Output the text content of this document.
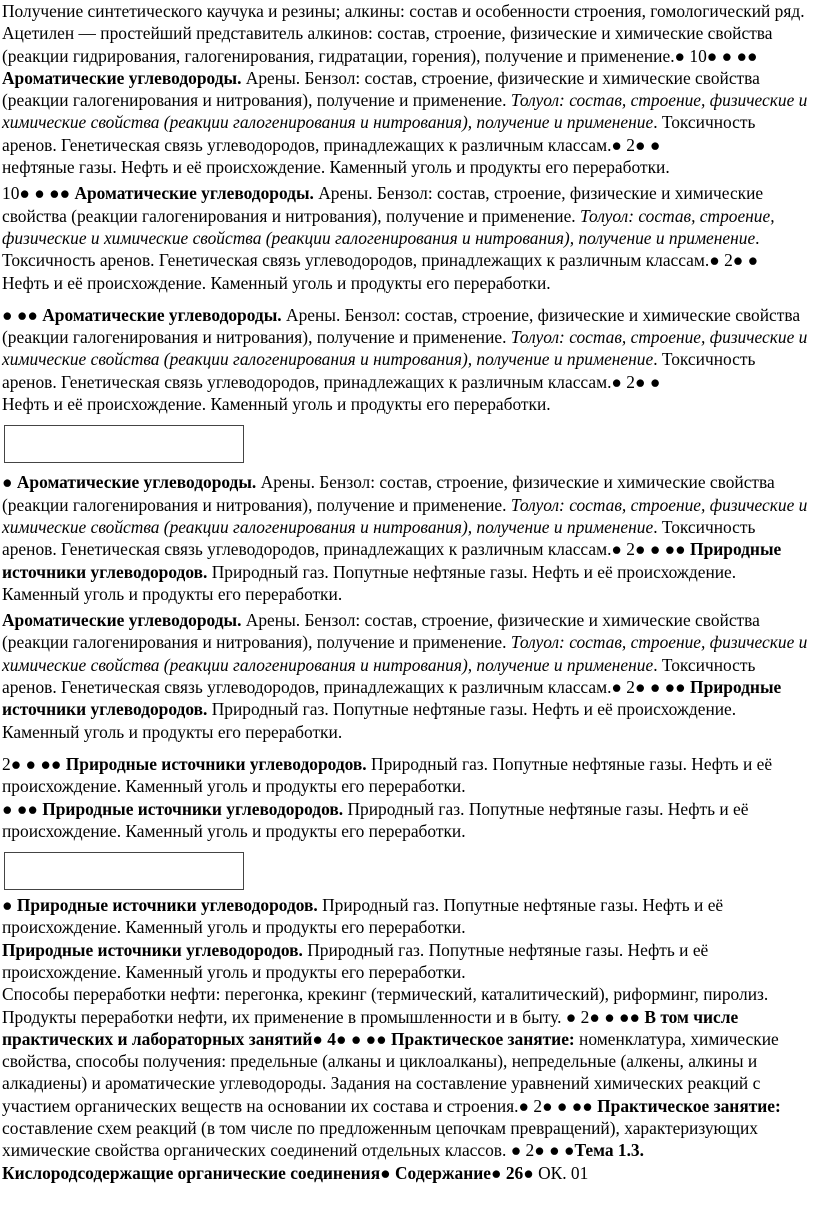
Получение синтетического каучука и резины; алкины: состав и особенности строения, гомологический ряд. Ацетилен — простейший представитель алкинов: состав, строение, физические и химические свойства (реакции гидрирования, галогенирования, гидратации, горения), получение и применение.● 10● ● ●● Ароматические углеводороды. Арены. Бензол: состав, строение, физические и химические свойства (реакции галогенирования и нитрования), получение и применение. Толуол: состав, строение, физические и химические свойства (реакции галогенирования и нитрования), получение и применение. Токсичность аренов. Генетическая связь углеводородов, принадлежащих к различным классам.● 2● ●

нефтяные газы. Нефть и её происхождение. Каменный уголь и продукты его переработки.

10● ● ●● Ароматические углеводороды. Арены. Бензол: состав, строение, физические и химические свойства (реакции галогенирования и нитрования), получение и применение. Толуол: состав, строение, физические и химические свойства (реакции галогенирования и нитрования), получение и применение. Токсичность аренов. Генетическая связь углеводородов, принадлежащих к различным классам.● 2● ●

Нефть и её происхождение. Каменный уголь и продукты его переработки.

● ●● Ароматические углеводороды. Арены. Бензол: состав, строение, физические и химические свойства (реакции галогенирования и нитрования), получение и применение. Толуол: состав, строение, физические и химические свойства (реакции галогенирования и нитрования), получение и применение. Токсичность аренов. Генетическая связь углеводородов, принадлежащих к различным классам.● 2● ●

Нефть и её происхождение. Каменный уголь и продукты его переработки.

● Ароматические углеводороды. Арены. Бензол: состав, строение, физические и химические свойства (реакции галогенирования и нитрования), получение и применение. Толуол: состав, строение, физические и химические свойства (реакции галогенирования и нитрования), получение и применение. Токсичность аренов. Генетическая связь углеводородов, принадлежащих к различным классам.● 2● ● ●● Природные источники углеводородов. Природный газ. Попутные нефтяные газы. Нефть и её происхождение. Каменный уголь и продукты его переработки.

Ароматические углеводороды. Арены. Бензол: состав, строение, физические и химические свойства (реакции галогенирования и нитрования), получение и применение. Толуол: состав, строение, физические и химические свойства (реакции галогенирования и нитрования), получение и применение. Токсичность аренов. Генетическая связь углеводородов, принадлежащих к различным классам.● 2● ● ●● Природные источники углеводородов. Природный газ. Попутные нефтяные газы. Нефть и её происхождение. Каменный уголь и продукты его переработки.

2● ● ●● Природные источники углеводородов. Природный газ. Попутные нефтяные газы. Нефть и её происхождение. Каменный уголь и продукты его переработки.

● ●● Природные источники углеводородов. Природный газ. Попутные нефтяные газы. Нефть и её происхождение. Каменный уголь и продукты его переработки.

● Природные источники углеводородов. Природный газ. Попутные нефтяные газы. Нефть и её происхождение. Каменный уголь и продукты его переработки.

Природные источники углеводородов. Природный газ. Попутные нефтяные газы. Нефть и её происхождение. Каменный уголь и продукты его переработки.

Способы переработки нефти: перегонка, крекинг (термический, каталитический), риформинг, пиролиз. Продукты переработки нефти, их применение в промышленности и в быту. ● 2● ● ●● В том числе практических и лабораторных занятий● 4● ● ●● Практическое занятие: номенклатура, химические свойства, способы получения: предельные (алканы и циклоалканы), непредельные (алкены, алкины и алкадиены) и ароматические углеводороды. Задания на составление уравнений химических реакций с участием органических веществ на основании их состава и строения.● 2● ● ●● Практическое занятие: составление схем реакций (в том числе по предложенным цепочкам превращений), характеризующих химические свойства органических соединений отдельных классов. ● 2● ● ●Тема 1.3. Кислородсодержащие органические соединения● Содержание● 26● ОК. 01
